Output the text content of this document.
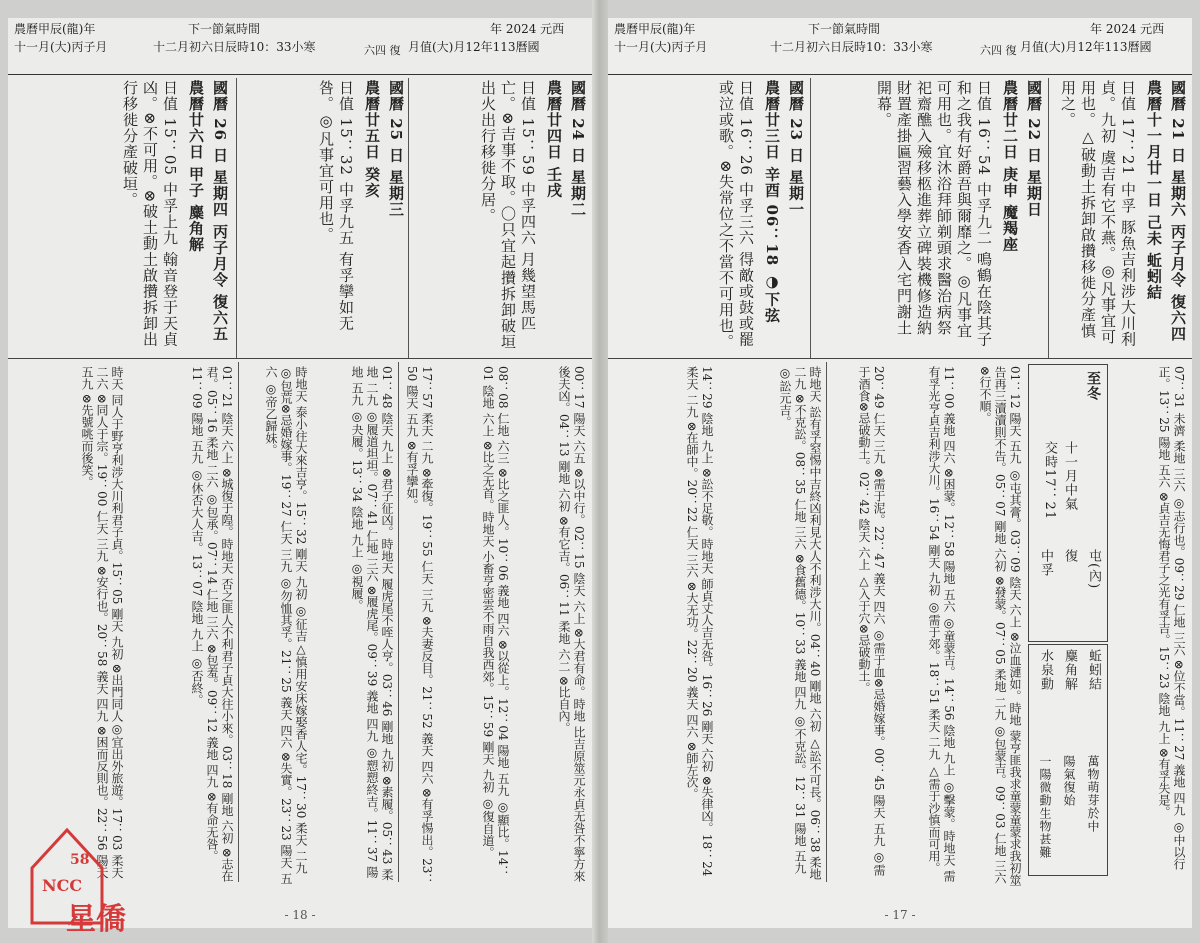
農曆甲辰(龍)年
十一月(大)丙子月
下一節氣時間
十二月初六日辰時10：33小寒
年 2024 元西
六四 復 月值(大)月12年113曆國
國曆 24 日 星期二
農曆廿四日 壬戌
日值 15：59 中孚四六 月幾望馬匹亡。⊗吉事不取。〇只宜起攢拆卸破垣出火出行移徙分居。
國曆 25 日 星期三
農曆廿五日 癸亥
日值 15：32 中孚九五 有孚攣如无咎。◎凡事宜可用也。
國曆 26 日 星期四 丙子月令 復六五
農曆廿六日 甲子 麋角解
日值 15：05 中孚上九 翰音登于天貞凶。⊗不可用。⊗破土動土啟攢拆卸出行移徙分產破垣。
00：17 陽天 六五 ⊗以中行。02：15 陰天 六上 ⊗大君有命。時地 比吉原筮元永貞无咎不寧方來後夫凶。04：13 剛地 六初 ⊗有它吉。06：11 柔地 六二 ⊗比自內。
08：08 仁地 六三 ⊗比之匪人。10：06 義地 四六 ⊗以從上。12：04 陽地 五九 ◎顯比。14：01 陰地 六上 ⊗比之无首。時地天 小畜亨密雲不雨自我西郊。15：59 剛天 九初 ◎復自道。
17：57 柔天 二九 ⊗牽復。19：55 仁天 三九 ⊗夫妻反目。21：52 義天 四六 ⊗有孚惕出。23：50 陽天 五九 ⊗有孚攣如。
01：48 陰天 九上 ⊗君子征凶。時地天 履虎尾不咥人亨。03：46 剛地 九初 ⊗素履。05：43 柔地 二九 ◎履道坦坦。07：41 仁地 三六 ⊗履虎尾。09：39 義地 四九 ◎愬愬終吉。11：37 陽地 五九 ◎夬履。13：34 陰地 九上 ◎視履。
時地天 泰小往大來吉亨。15：32 剛天 九初 ◎征吉△慎用安床嫁娶香人宅。17：30 柔天 二九 ◎包荒⊗忌婚嫁事。19：27 仁天 三九 ◎勿恤其孚。21：25 義天 四六 ⊗失實。23：23 陽天 五六 ◎帝乙歸妹。
01：21 陰天 六上 ⊗城復于隍。時地天 否之匪人不利君子貞大往小來。03：18 剛地 六初 ⊗志在君。05：16 柔地 二六 ◎包承。07：14 仁地 三六 ⊗包羞。09：12 義地 四九 ⊗有命无咎。11：09 陽地 五九 ◎休否大人吉。13：07 陰地 九上 ◎否終。
時天 同人于野亨利涉大川利君子貞。15：05 剛天 九初 ⊗出門同人◎宜出外旅遊。17：03 柔天 二六 ⊗同人于宗。19：00 仁天 三九 ⊗安行也。20：58 義天 四九 ⊗困而反則也。22：56 陽天 五九 ⊗先號咷而後笑。
- 18 -
NCC
58
星僑
農曆甲辰(龍)年
十一月(大)丙子月
下一節氣時間
十二月初六日辰時10：33小寒
年 2024 元西
六四 復 月值(大)月12年113曆國
國曆 21 日 星期六 丙子月令 復六四
農曆十一月廿一日 己未 蚯蚓結
日值 17：21 中孚 豚魚吉利涉大川利貞。九初 虞吉有它不燕。◎凡事宜可用也。△破動土拆卸啟攢移徙分產慎用之。
國曆 22 日 星期日
農曆廿二日 庚申 魔羯座
日值 16：54 中孚九二 鳴鶴在陰其子和之我有好爵吾與爾靡之。◎凡事宜可用也。宜沐浴拜師剃頭求醫治病祭祀齋醮入殮移柩進葬立碑裝機修造納財置產掛匾習藝入學安香入宅門謝土開幕。
國曆 23 日 星期一
農曆廿三日 辛酉 06：18 ◑下弦
日值 16：26 中孚三六 得敵或鼓或罷或泣或歌。⊗失常位之不當不可用也。
07：31 未濟 柔地 三六 ◎志行也。09：29 仁地 三六 ⊗位不當。11：27 義地 四九 ◎中以行正。13：25 陽地 五六 ⊗貞吉无悔君子之光有孚吉。15：23 陰地 九上 ⊗有孚失是。
至冬
十一月中氣
交時17：21
屯(內)
復
中孚
蚯蚓結
麋角解
水泉動
萬物萌芽於中
陽氣復始
一陽微動生物甚難
01：12 陽天 五九 ◎屯其膏。03：09 陰天 六上 ⊗泣血漣如。時地 蒙亨匪我求童蒙童蒙求我初筮告再三瀆瀆則不告。05：07 剛地 六初 ⊗發蒙。07：05 柔地 二九 ◎包蒙吉。09：03 仁地 三六 ⊗行不順。
11：00 義地 四六 ⊗困蒙。12：58 陽地 五六 ◎童蒙吉。14：56 陰地 九上 ◎擊蒙。時地天 需有孚光亨貞吉利涉大川。16：54 剛天 九初 ◎需于郊。18：51 柔天 二九 △需于沙慎而可用。
20：49 仁天 三九 ⊗需于泥。22：47 義天 四六 ◎需于血⊗忌婚嫁事。00：45 陽天 五九 ◎需于酒食⊗忌破動土。02：42 陰天 六上 △入于穴⊗忌破動土。
時地天 訟有孚窒惕中吉終凶利見大人不利涉大川。04：40 剛地 六初 △訟不可長。06：38 柔地 二九 ⊗不克訟。08：35 仁地 三六 ⊗食舊德。10：33 義地 四九 ◎不克訟。12：31 陽地 五九 ◎訟元吉。
14：29 陰地 九上 ⊗訟不足敬。時地天 師貞丈人吉无咎。16：26 剛天 六初 ⊗失律凶。18：24 柔天 二九 ⊗在師中。20：22 仁天 三六 ⊗大无功。22：20 義天 四六 ⊗師左次。
- 17 -
